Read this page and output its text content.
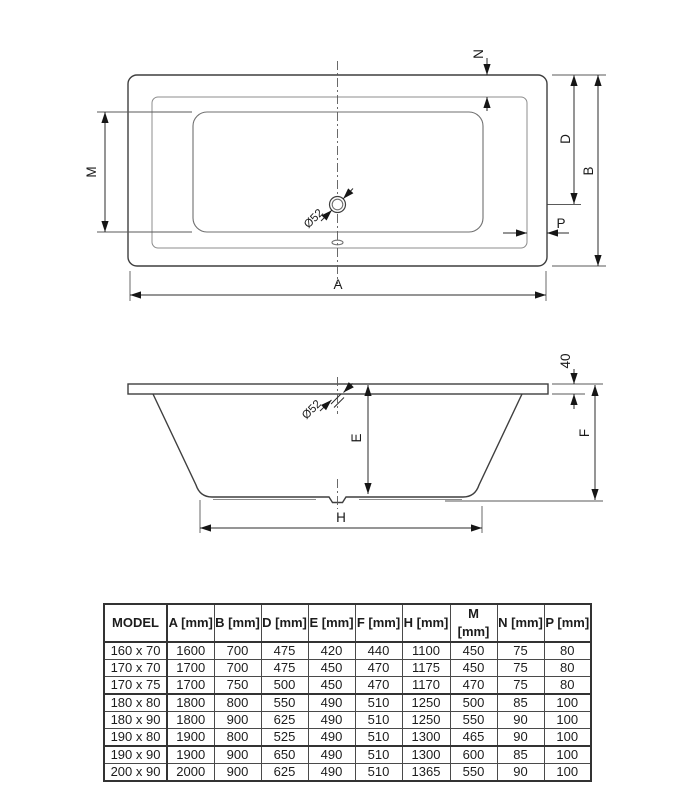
Ø52
M
N
D
B
P
A
Ø52
40
E
F
H
MODEL	A [mm]	B [mm]	D [mm]	E [mm]	F [mm]	H [mm]	M [mm]	N [mm]	P [mm]
160 x 70	1600	700	475	420	440	1100	450	75	80
170 x 70	1700	700	475	450	470	1175	450	75	80
170 x 75	1700	750	500	450	470	1170	470	75	80
180 x 80	1800	800	550	490	510	1250	500	85	100
180 x 90	1800	900	625	490	510	1250	550	90	100
190 x 80	1900	800	525	490	510	1300	465	90	100
190 x 90	1900	900	650	490	510	1300	600	85	100
200 x 90	2000	900	625	490	510	1365	550	90	100
